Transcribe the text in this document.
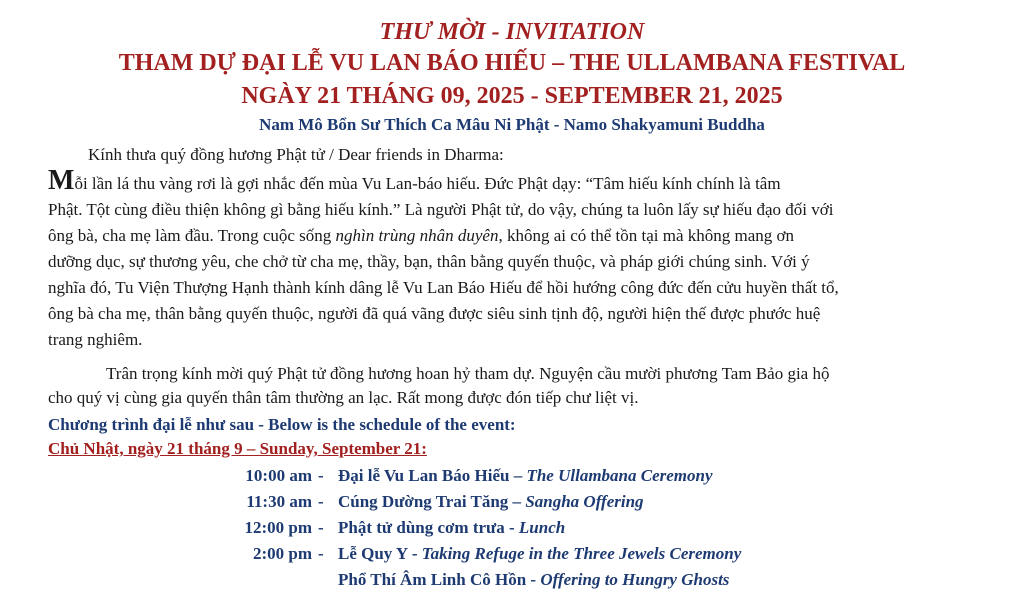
THƯ MỜI - INVITATION
THAM DỰ ĐẠI LỄ VU LAN BÁO HIẾU – THE ULLAMBANA FESTIVAL
NGÀY 21 THÁNG 09, 2025 - SEPTEMBER 21, 2025
Nam Mô Bổn Sư Thích Ca Mâu Ni Phật - Namo Shakyamuni Buddha
Kính thưa quý đồng hương Phật tử / Dear friends in Dharma:
Mỗi lần lá thu vàng rơi là gợi nhắc đến mùa Vu Lan-báo hiếu. Đức Phật dạy: “Tâm hiếu kính chính là tâm
Phật. Tột cùng điều thiện không gì bằng hiếu kính.” Là người Phật tử, do vậy, chúng ta luôn lấy sự hiếu đạo đối với
ông bà, cha mẹ làm đầu. Trong cuộc sống nghìn trùng nhân duyên, không ai có thể tồn tại mà không mang ơn
dưỡng dục, sự thương yêu, che chở từ cha mẹ, thầy, bạn, thân bằng quyến thuộc, và pháp giới chúng sinh. Với ý
nghĩa đó, Tu Viện Thượng Hạnh thành kính dâng lễ Vu Lan Báo Hiếu để hồi hướng công đức đến cửu huyền thất tổ,
ông bà cha mẹ, thân bằng quyến thuộc, người đã quá vãng được siêu sinh tịnh độ, người hiện thế được phước huệ
trang nghiêm.
Trân trọng kính mời quý Phật tử đồng hương hoan hỷ tham dự. Nguyện cầu mười phương Tam Bảo gia hộ
cho quý vị cùng gia quyến thân tâm thường an lạc. Rất mong được đón tiếp chư liệt vị.
Chương trình đại lễ như sau - Below is the schedule of the event:
Chủ Nhật, ngày 21 tháng 9 – Sunday, September 21:
10:00 am - Đại lễ Vu Lan Báo Hiếu – The Ullambana Ceremony
11:30 am - Cúng Dường Trai Tăng – Sangha Offering
12:00 pm - Phật tử dùng cơm trưa - Lunch
2:00 pm - Lễ Quy Y - Taking Refuge in the Three Jewels Ceremony
Phổ Thí Âm Linh Cô Hồn - Offering to Hungry Ghosts
